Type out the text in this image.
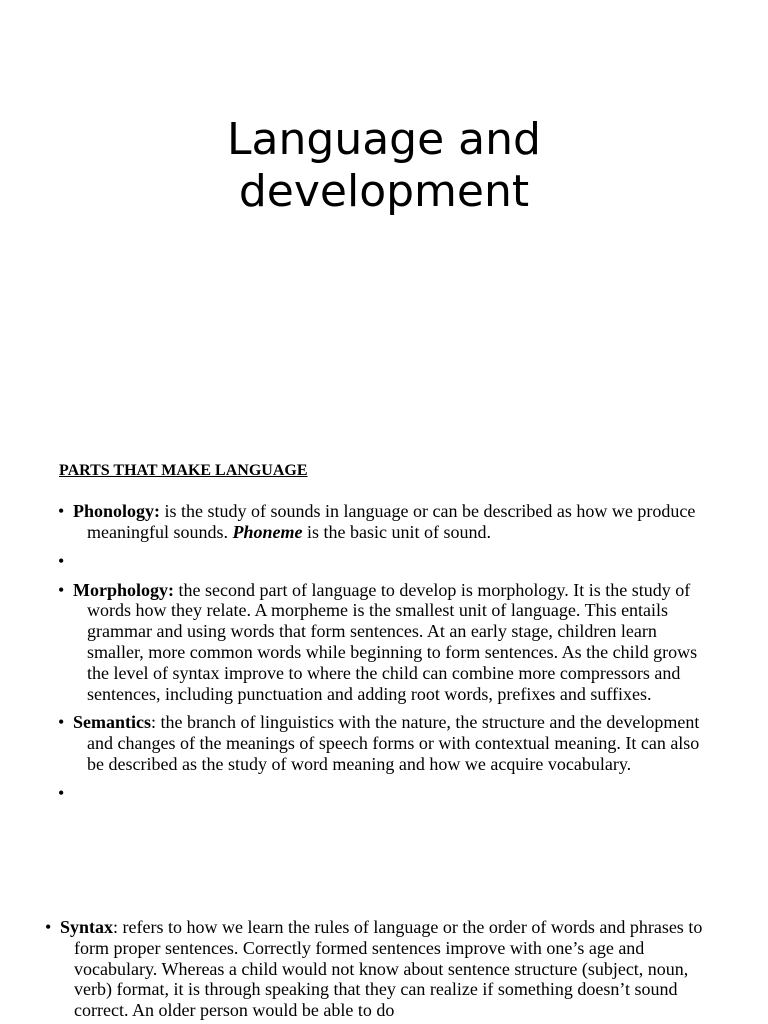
Language and
development

PARTS THAT MAKE LANGUAGE

• Phonology: is the study of sounds in language or can be described as how we produce meaningful sounds. Phoneme is the basic unit of sound.
•
• Morphology: the second part of language to develop is morphology. It is the study of words how they relate. A morpheme is the smallest unit of language. This entails grammar and using words that form sentences. At an early stage, children learn smaller, more common words while beginning to form sentences. As the child grows the level of syntax improve to where the child can combine more compressors and sentences, including punctuation and adding root words, prefixes and suffixes.
• Semantics: the branch of linguistics with the nature, the structure and the development and changes of the meanings of speech forms or with contextual meaning. It can also be described as the study of word meaning and how we acquire vocabulary.
•
• Syntax: refers to how we learn the rules of language or the order of words and phrases to form proper sentences. Correctly formed sentences improve with one’s age and vocabulary. Whereas a child would not know about sentence structure (subject, noun, verb) format, it is through speaking that they can realize if something doesn’t sound correct. An older person would be able to do
